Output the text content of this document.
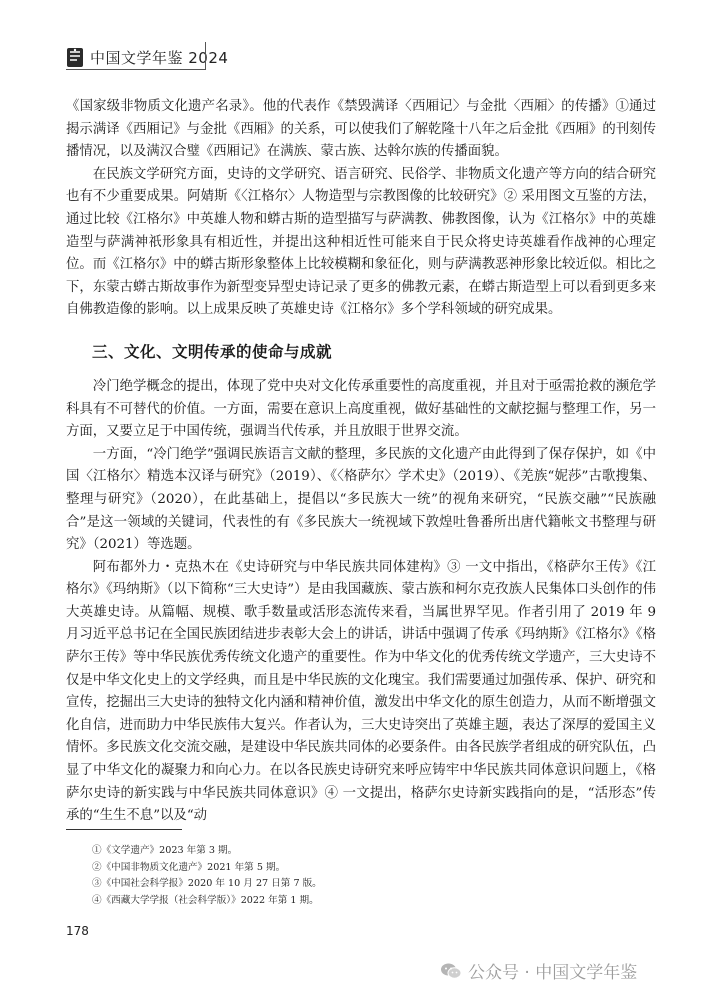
中国文学年鉴 2024

《国家级非物质文化遗产名录》。他的代表作《禁毁满译〈西厢记〉与金批〈西厢〉的传播》①通过揭示满译《西厢记》与金批《西厢》的关系，可以使我们了解乾隆十八年之后金批《西厢》的刊刻传播情况，以及满汉合璧《西厢记》在满族、蒙古族、达斡尔族的传播面貌。

在民族文学研究方面，史诗的文学研究、语言研究、民俗学、非物质文化遗产等方向的结合研究也有不少重要成果。阿婧斯《〈江格尔〉人物造型与宗教图像的比较研究》② 采用图文互鉴的方法，通过比较《江格尔》中英雄人物和蟒古斯的造型描写与萨满教、佛教图像，认为《江格尔》中的英雄造型与萨满神祇形象具有相近性，并提出这种相近性可能来自于民众将史诗英雄看作战神的心理定位。而《江格尔》中的蟒古斯形象整体上比较模糊和象征化，则与萨满教恶神形象比较近似。相比之下，东蒙古蟒古斯故事作为新型变异型史诗记录了更多的佛教元素，在蟒古斯造型上可以看到更多来自佛教造像的影响。以上成果反映了英雄史诗《江格尔》多个学科领域的研究成果。

三、文化、文明传承的使命与成就

冷门绝学概念的提出，体现了党中央对文化传承重要性的高度重视，并且对于亟需抢救的濒危学科具有不可替代的价值。一方面，需要在意识上高度重视，做好基础性的文献挖掘与整理工作，另一方面，又要立足于中国传统，强调当代传承，并且放眼于世界交流。

一方面，“冷门绝学”强调民族语言文献的整理，多民族的文化遗产由此得到了保存保护，如《中国〈江格尔〉精选本汉译与研究》（2019）、《〈格萨尔〉学术史》（2019）、《羌族“妮莎”古歌搜集、整理与研究》（2020），在此基础上，提倡以“多民族大一统”的视角来研究，“民族交融”“民族融合”是这一领域的关键词，代表性的有《多民族大一统视域下敦煌吐鲁番所出唐代籍帐文书整理与研究》（2021）等选题。

阿布都外力・克热木在《史诗研究与中华民族共同体建构》③ 一文中指出，《格萨尔王传》《江格尔》《玛纳斯》（以下简称“三大史诗”）是由我国藏族、蒙古族和柯尔克孜族人民集体口头创作的伟大英雄史诗。从篇幅、规模、歌手数量或活形态流传来看，当属世界罕见。作者引用了 2019 年 9 月习近平总书记在全国民族团结进步表彰大会上的讲话，讲话中强调了传承《玛纳斯》《江格尔》《格萨尔王传》等中华民族优秀传统文化遗产的重要性。作为中华文化的优秀传统文学遗产，三大史诗不仅是中华文化史上的文学经典，而且是中华民族的文化瑰宝。我们需要通过加强传承、保护、研究和宣传，挖掘出三大史诗的独特文化内涵和精神价值，激发出中华文化的原生创造力，从而不断增强文化自信，进而助力中华民族伟大复兴。作者认为，三大史诗突出了英雄主题，表达了深厚的爱国主义情怀。多民族文化交流交融，是建设中华民族共同体的必要条件。由各民族学者组成的研究队伍，凸显了中华文化的凝聚力和向心力。在以各民族史诗研究来呼应铸牢中华民族共同体意识问题上，《格萨尔史诗的新实践与中华民族共同体意识》④ 一文提出，格萨尔史诗新实践指向的是，“活形态”传承的“生生不息”以及“动

①《文学遗产》2023 年第 3 期。
②《中国非物质文化遗产》2021 年第 5 期。
③《中国社会科学报》2020 年 10 月 27 日第 7 版。
④《西藏大学学报（社会科学版）》2022 年第 1 期。
178
公众号 · 中国文学年鉴
